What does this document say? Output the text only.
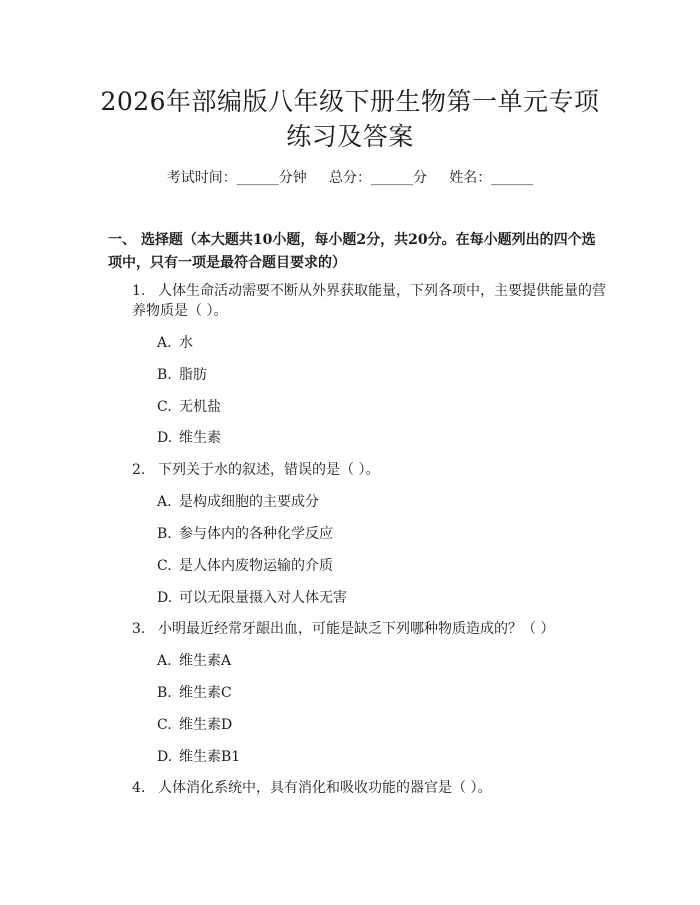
2026年部编版八年级下册生物第一单元专项
练习及答案
考试时间：______分钟     总分：______分     姓名：______
一、 选择题（本大题共10小题，每小题2分，共20分。在每小题列出的四个选
项中，只有一项是最符合题目要求的）
1. 人体生命活动需要不断从外界获取能量，下列各项中，主要提供能量的营
养物质是（ ）。
A. 水
B. 脂肪
C. 无机盐
D. 维生素
2. 下列关于水的叙述，错误的是（ ）。
A. 是构成细胞的主要成分
B. 参与体内的各种化学反应
C. 是人体内废物运输的介质
D. 可以无限量摄入对人体无害
3. 小明最近经常牙龈出血，可能是缺乏下列哪种物质造成的？（ ）
A. 维生素A
B. 维生素C
C. 维生素D
D. 维生素B1
4. 人体消化系统中，具有消化和吸收功能的器官是（ ）。
